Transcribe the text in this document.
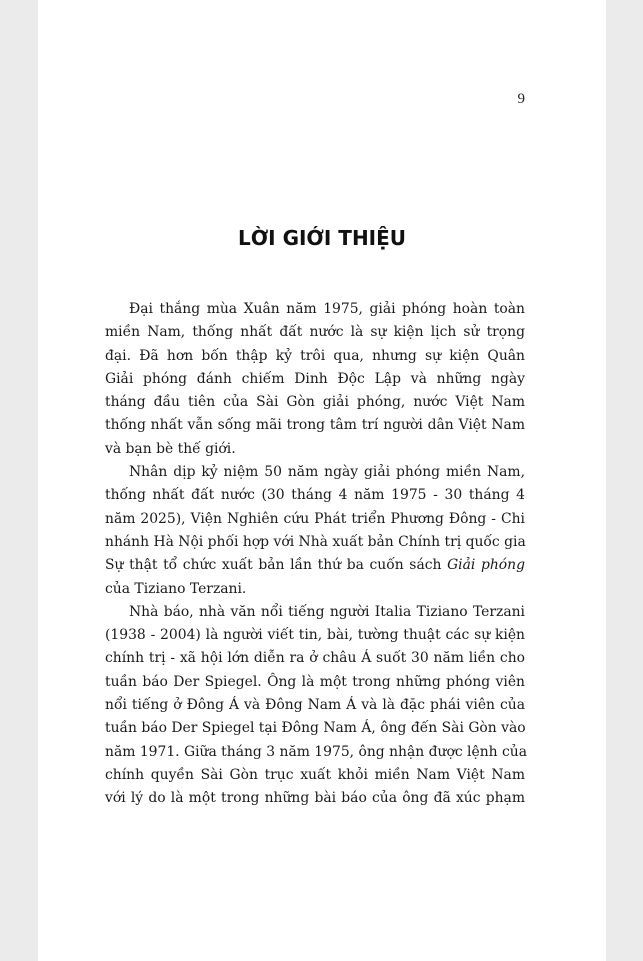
9
LỜI GIỚI THIỆU
Đại thắng mùa Xuân năm 1975, giải phóng hoàn toàn
miền Nam, thống nhất đất nước là sự kiện lịch sử trọng
đại. Đã hơn bốn thập kỷ trôi qua, nhưng sự kiện Quân
Giải phóng đánh chiếm Dinh Độc Lập và những ngày
tháng đầu tiên của Sài Gòn giải phóng, nước Việt Nam
thống nhất vẫn sống mãi trong tâm trí người dân Việt Nam
và bạn bè thế giới.
Nhân dịp kỷ niệm 50 năm ngày giải phóng miền Nam,
thống nhất đất nước (30 tháng 4 năm 1975 - 30 tháng 4
năm 2025), Viện Nghiên cứu Phát triển Phương Đông - Chi
nhánh Hà Nội phối hợp với Nhà xuất bản Chính trị quốc gia
Sự thật tổ chức xuất bản lần thứ ba cuốn sách Giải phóng
của Tiziano Terzani.
Nhà báo, nhà văn nổi tiếng người Italia Tiziano Terzani
(1938 - 2004) là người viết tin, bài, tường thuật các sự kiện
chính trị - xã hội lớn diễn ra ở châu Á suốt 30 năm liền cho
tuần báo Der Spiegel. Ông là một trong những phóng viên
nổi tiếng ở Đông Á và Đông Nam Á và là đặc phái viên của
tuần báo Der Spiegel tại Đông Nam Á, ông đến Sài Gòn vào
năm 1971. Giữa tháng 3 năm 1975, ông nhận được lệnh của
chính quyền Sài Gòn trục xuất khỏi miền Nam Việt Nam
với lý do là một trong những bài báo của ông đã xúc phạm
